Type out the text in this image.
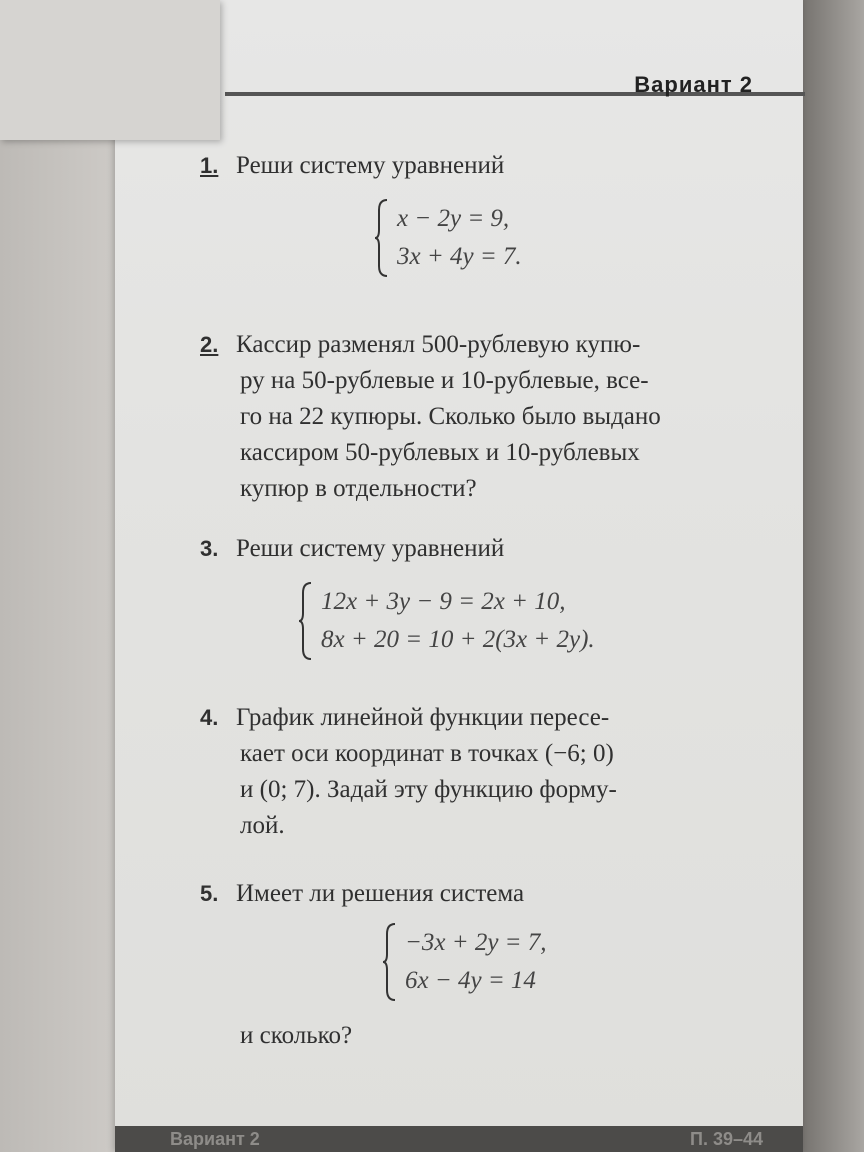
Вариант 2
1. Реши систему уравнений
x − 2y = 9,
3x + 4y = 7.
2. Кассир разменял 500-рублевую купю-
ру на 50-рублевые и 10-рублевые, все-
го на 22 купюры. Сколько было выдано
кассиром 50-рублевых и 10-рублевых
купюр в отдельности?
3. Реши систему уравнений
12x + 3y − 9 = 2x + 10,
8x + 20 = 10 + 2(3x + 2y).
4. График линейной функции пересе-
кает оси координат в точках (−6; 0)
и (0; 7). Задай эту функцию форму-
лой.
5. Имеет ли решения система
−3x + 2y = 7,
6x − 4y = 14
и сколько?
Вариант 2	П. 39–44
